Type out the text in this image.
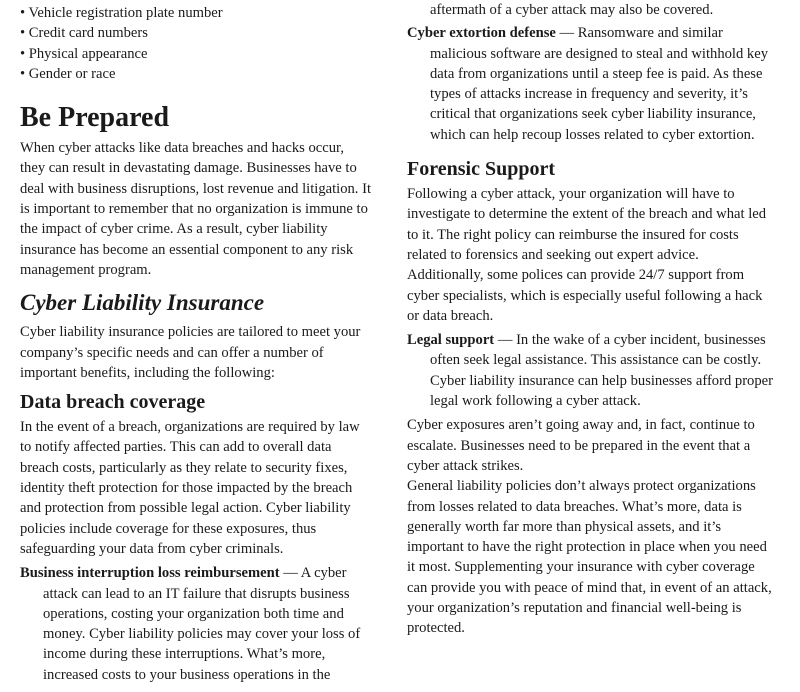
• Vehicle registration plate number
• Credit card numbers
• Physical appearance
• Gender or race
Be Prepared

When cyber attacks like data breaches and hacks occur, they can result in devastating damage. Businesses have to deal with business disruptions, lost revenue and litigation. It is important to remember that no organization is immune to the impact of cyber crime. As a result, cyber liability insurance has become an essential component to any risk management program.

Cyber Liability Insurance

Cyber liability insurance policies are tailored to meet your company’s specific needs and can offer a number of important benefits, including the following:

Data breach coverage

In the event of a breach, organizations are required by law to notify affected parties. This can add to overall data breach costs, particularly as they relate to security fixes, identity theft protection for those impacted by the breach and protection from possible legal action. Cyber liability policies include coverage for these exposures, thus safeguarding your data from cyber criminals.

Business interruption loss reimbursement — A cyber attack can lead to an IT failure that disrupts business operations, costing your organization both time and money. Cyber liability policies may cover your loss of income during these interruptions. What’s more, increased costs to your business operations in the

aftermath of a cyber attack may also be covered.

Cyber extortion defense — Ransomware and similar malicious software are designed to steal and withhold key data from organizations until a steep fee is paid. As these types of attacks increase in frequency and severity, it’s critical that organizations seek cyber liability insurance, which can help recoup losses related to cyber extortion.

Forensic Support

Following a cyber attack, your organization will have to investigate to determine the extent of the breach and what led to it. The right policy can reimburse the insured for costs related to forensics and seeking out expert advice. Additionally, some polices can provide 24/7 support from cyber specialists, which is especially useful following a hack or data breach.

Legal support — In the wake of a cyber incident, businesses often seek legal assistance. This assistance can be costly. Cyber liability insurance can help businesses afford proper legal work following a cyber attack.

Cyber exposures aren’t going away and, in fact, continue to escalate. Businesses need to be prepared in the event that a cyber attack strikes.

General liability policies don’t always protect organizations from losses related to data breaches. What’s more, data is generally worth far more than physical assets, and it’s important to have the right protection in place when you need it most. Supplementing your insurance with cyber coverage can provide you with peace of mind that, in event of an attack, your organization’s reputation and financial well-being is protected.
